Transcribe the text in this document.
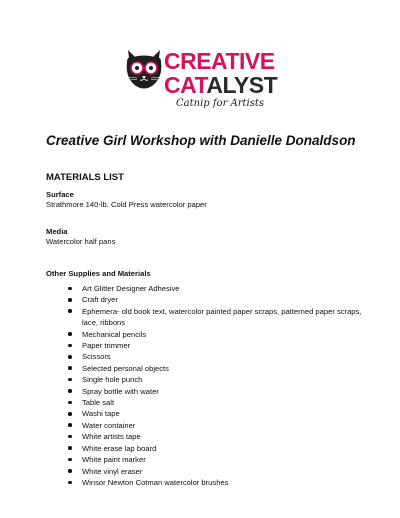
CREATIVE
CATALYST
Catnip for Artists
Creative Girl Workshop with Danielle Donaldson
MATERIALS LIST
Surface
Strathmore 140-lb. Cold Press watercolor paper
Media
Watercolor half pans
Other Supplies and Materials
Art Glitter Designer Adhesive
Craft dryer
Ephemera- old book text, watercolor painted paper scraps, patterned paper scraps, lace, ribbons
Mechanical pencils
Paper trimmer
Scissors
Selected personal objects
Single hole punch
Spray bottle with water
Table salt
Washi tape
Water container
White artists tape
White erase lap board
White paint marker
White vinyl eraser
Winsor Newton Cotman watercolor brushes
